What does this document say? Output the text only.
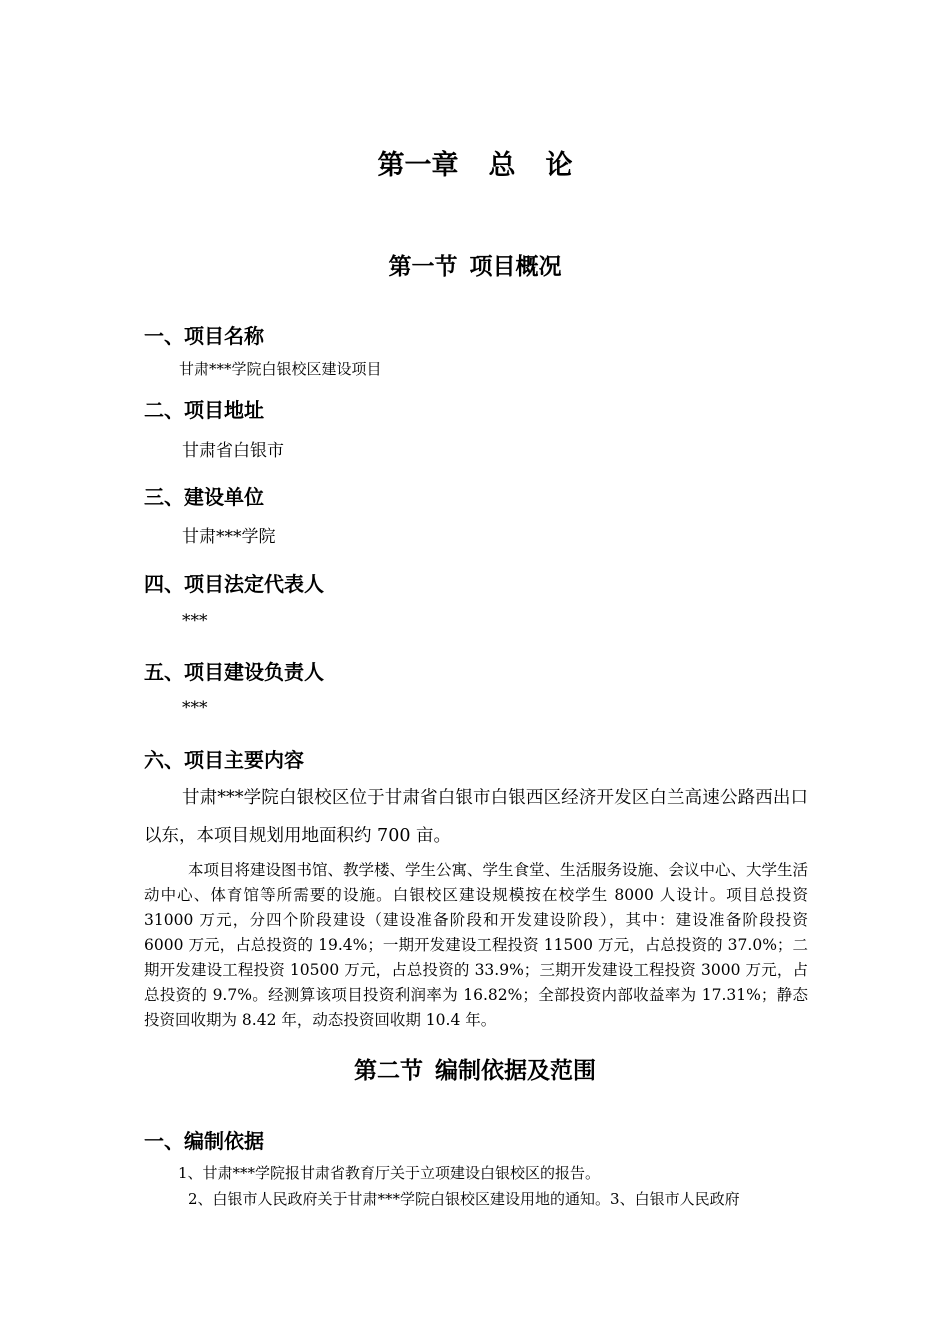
第一章 总 论
第一节 项目概况
一、项目名称
甘肃***学院白银校区建设项目
二、项目地址
甘肃省白银市
三、建设单位
甘肃***学院
四、项目法定代表人
***
五、项目建设负责人
***
六、项目主要内容
甘肃***学院白银校区位于甘肃省白银市白银西区经济开发区白兰高速公路西出口以东，本项目规划用地面积约 700 亩。
本项目将建设图书馆、教学楼、学生公寓、学生食堂、生活服务设施、会议中心、大学生活动中心、体育馆等所需要的设施。白银校区建设规模按在校学生 8000 人设计。项目总投资 31000 万元，分四个阶段建设（建设准备阶段和开发建设阶段），其中：建设准备阶段投资 6000 万元，占总投资的 19.4%；一期开发建设工程投资 11500 万元，占总投资的 37.0%；二期开发建设工程投资 10500 万元，占总投资的 33.9%；三期开发建设工程投资 3000 万元，占总投资的 9.7%。经测算该项目投资利润率为 16.82%；全部投资内部收益率为 17.31%；静态投资回收期为 8.42 年，动态投资回收期 10.4 年。
第二节 编制依据及范围
一、编制依据
1、甘肃***学院报甘肃省教育厅关于立项建设白银校区的报告。
2、白银市人民政府关于甘肃***学院白银校区建设用地的通知。3、白银市人民政府
